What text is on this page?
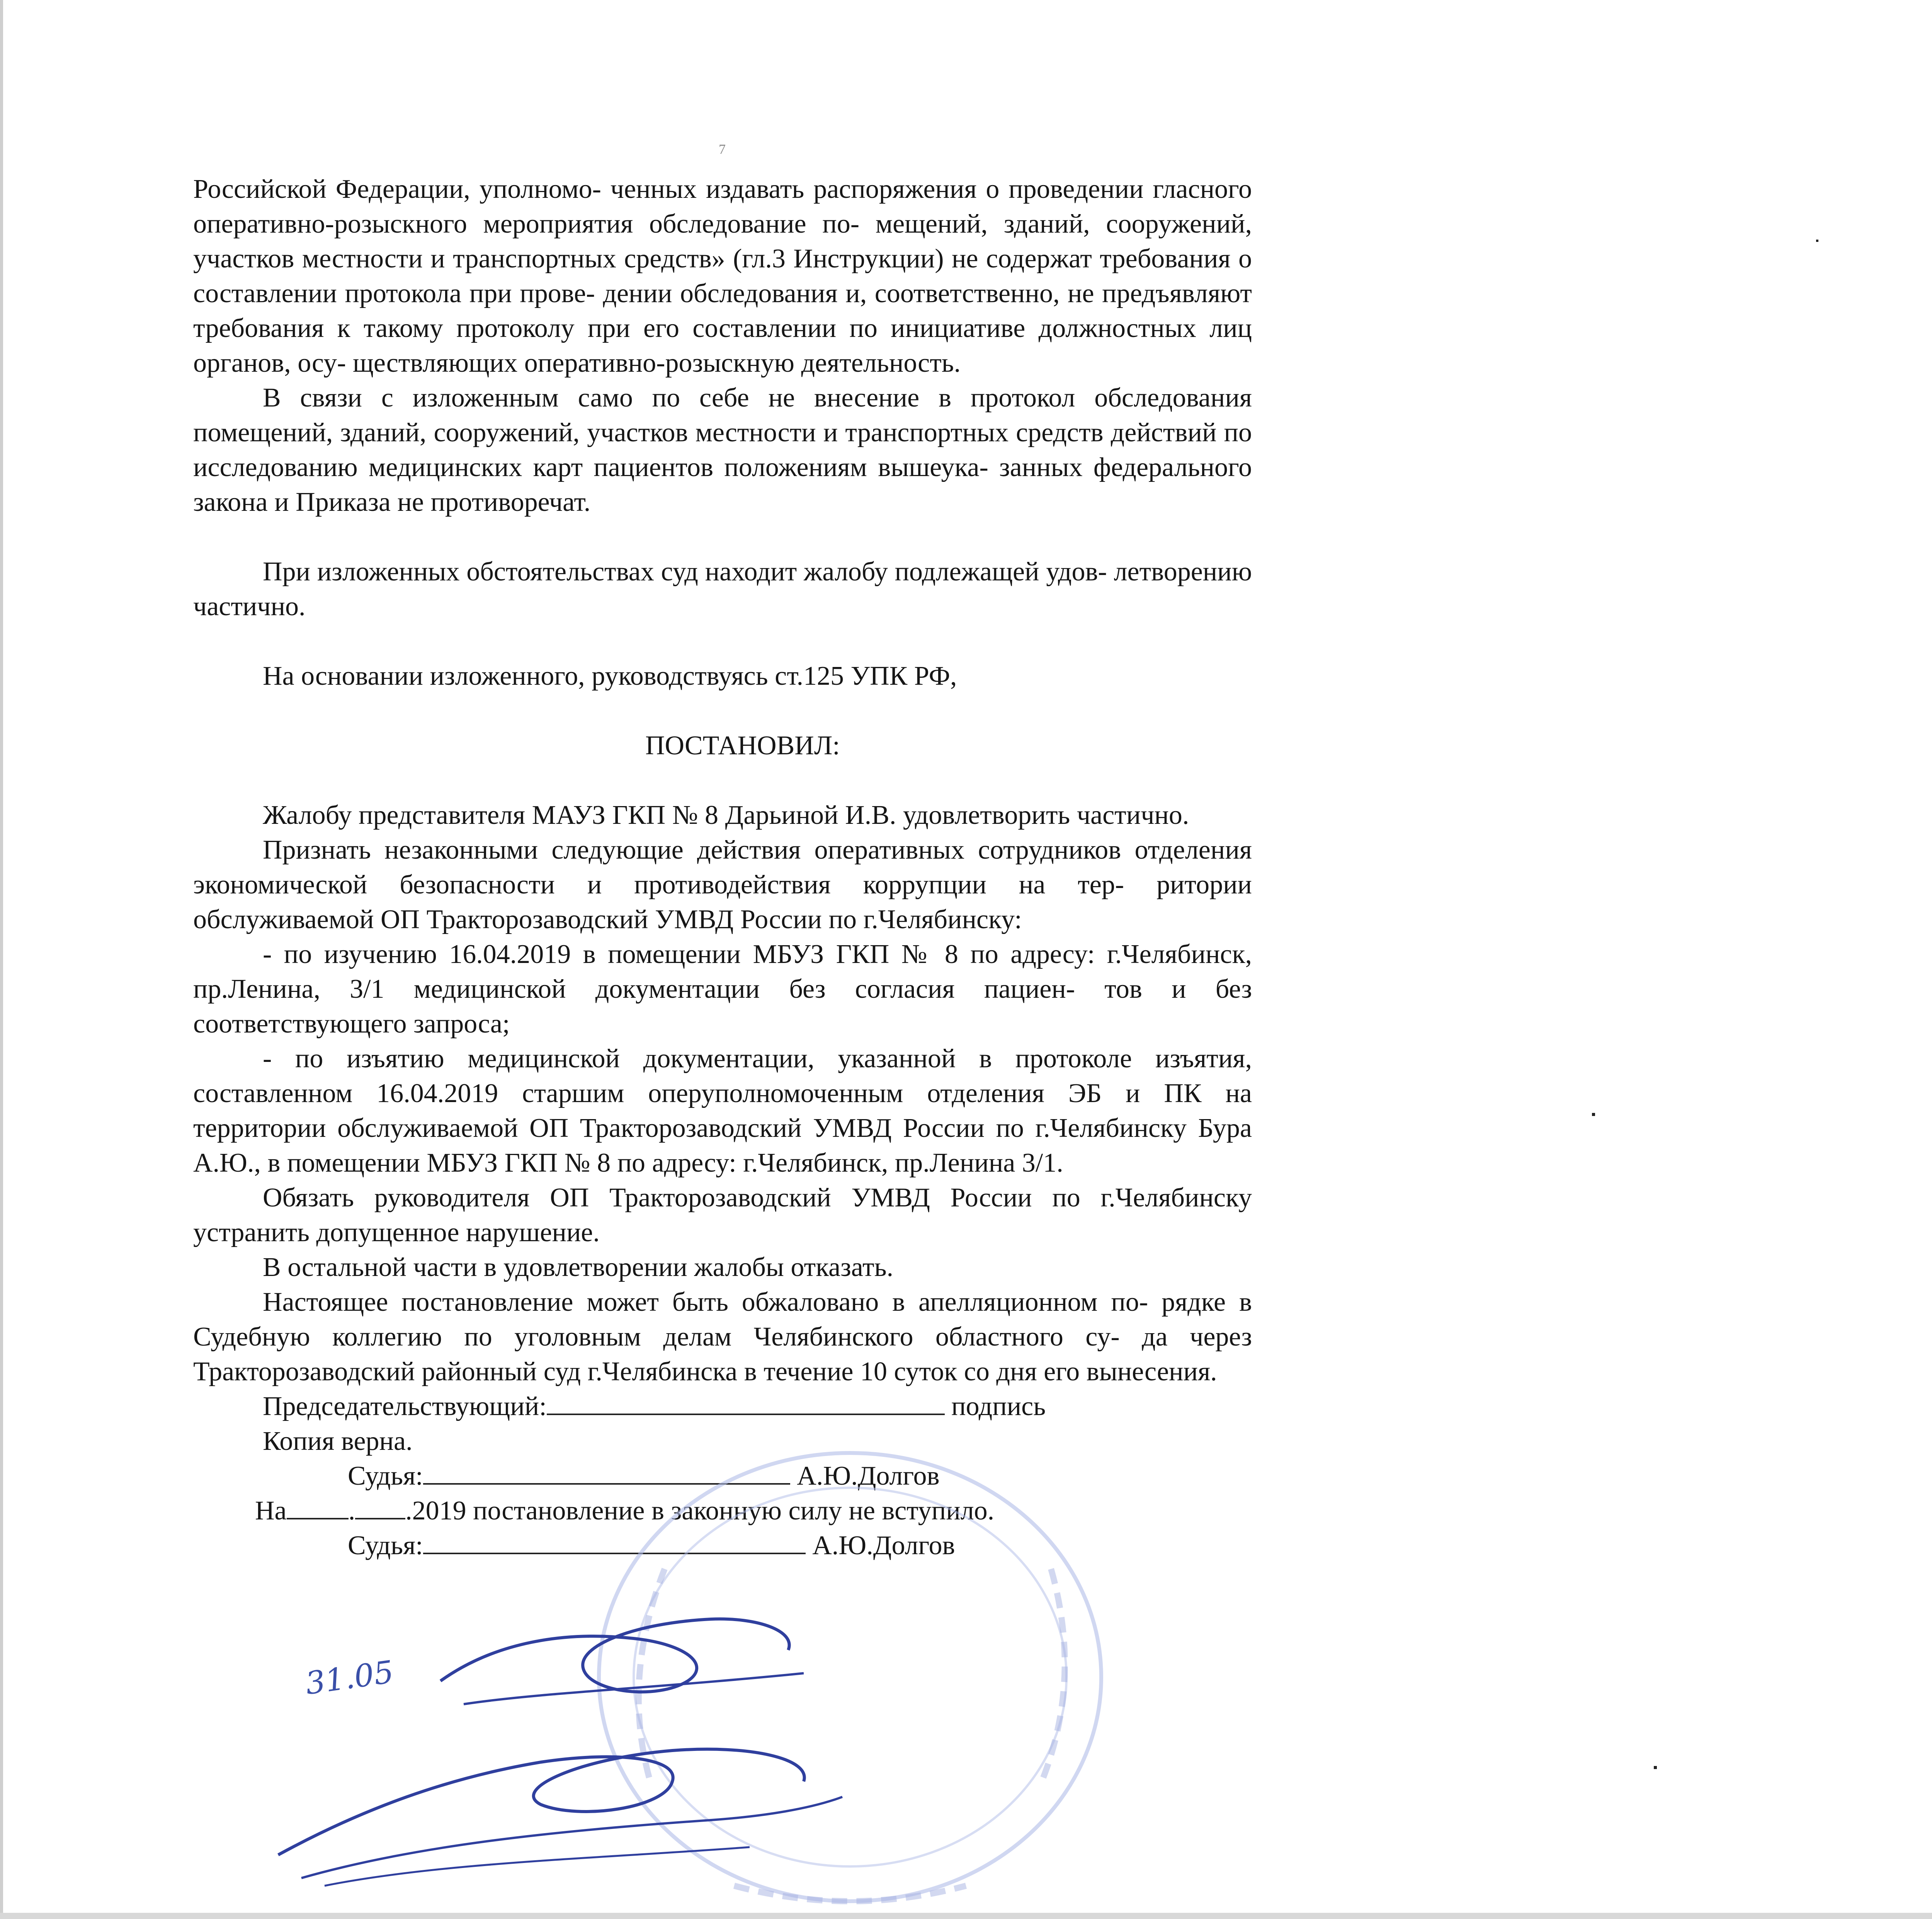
7

Российской Федерации, уполномо- ченных издавать распоряжения о проведении гласного оперативно-розыскного мероприятия обследование по- мещений, зданий, сооружений, участков местности и транспортных средств» (гл.3 Инструкции) не содержат требования о составлении протокола при прове- дении обследования и, соответственно, не предъявляют требования к такому протоколу при его составлении по инициативе должностных лиц органов, осу- ществляющих оперативно-розыскную деятельность.

В связи с изложенным само по себе не внесение в протокол обследования помещений, зданий, сооружений, участков местности и транспортных средств действий по исследованию медицинских карт пациентов положениям вышеука- занных федерального закона и Приказа не противоречат.

При изложенных обстоятельствах суд находит жалобу подлежащей удов- летворению частично.

На основании изложенного, руководствуясь ст.125 УПК РФ,

ПОСТАНОВИЛ:

Жалобу представителя МАУЗ ГКП № 8 Дарьиной И.В. удовлетворить частично.

Признать незаконными следующие действия оперативных сотрудников отделения экономической безопасности и противодействия коррупции на тер- ритории обслуживаемой ОП Тракторозаводский УМВД России по г.Челябинску:

- по изучению 16.04.2019 в помещении МБУЗ ГКП № 8 по адресу: г.Челябинск, пр.Ленина, 3/1 медицинской документации без согласия пациен- тов и без соответствующего запроса;

- по изъятию медицинской документации, указанной в протоколе изъятия, составленном 16.04.2019 старшим оперуполномоченным отделения ЭБ и ПК на территории обслуживаемой ОП Тракторозаводский УМВД России по г.Челябинску Бура А.Ю., в помещении МБУЗ ГКП № 8 по адресу: г.Челябинск, пр.Ленина 3/1.

Обязать руководителя ОП Тракторозаводский УМВД России по г.Челябинску устранить допущенное нарушение.

В остальной части в удовлетворении жалобы отказать.

Настоящее постановление может быть обжаловано в апелляционном по- рядке в Судебную коллегию по уголовным делам Челябинского областного су- да через Тракторозаводский районный суд г.Челябинска в течение 10 суток со дня его вынесения.

Председательствующий:	подпись

Копия верна.

Судья:	А.Ю.Долгов

На . .2019 постановление в законную силу не вступило.

Судья:	А.Ю.Долгов

31.05
